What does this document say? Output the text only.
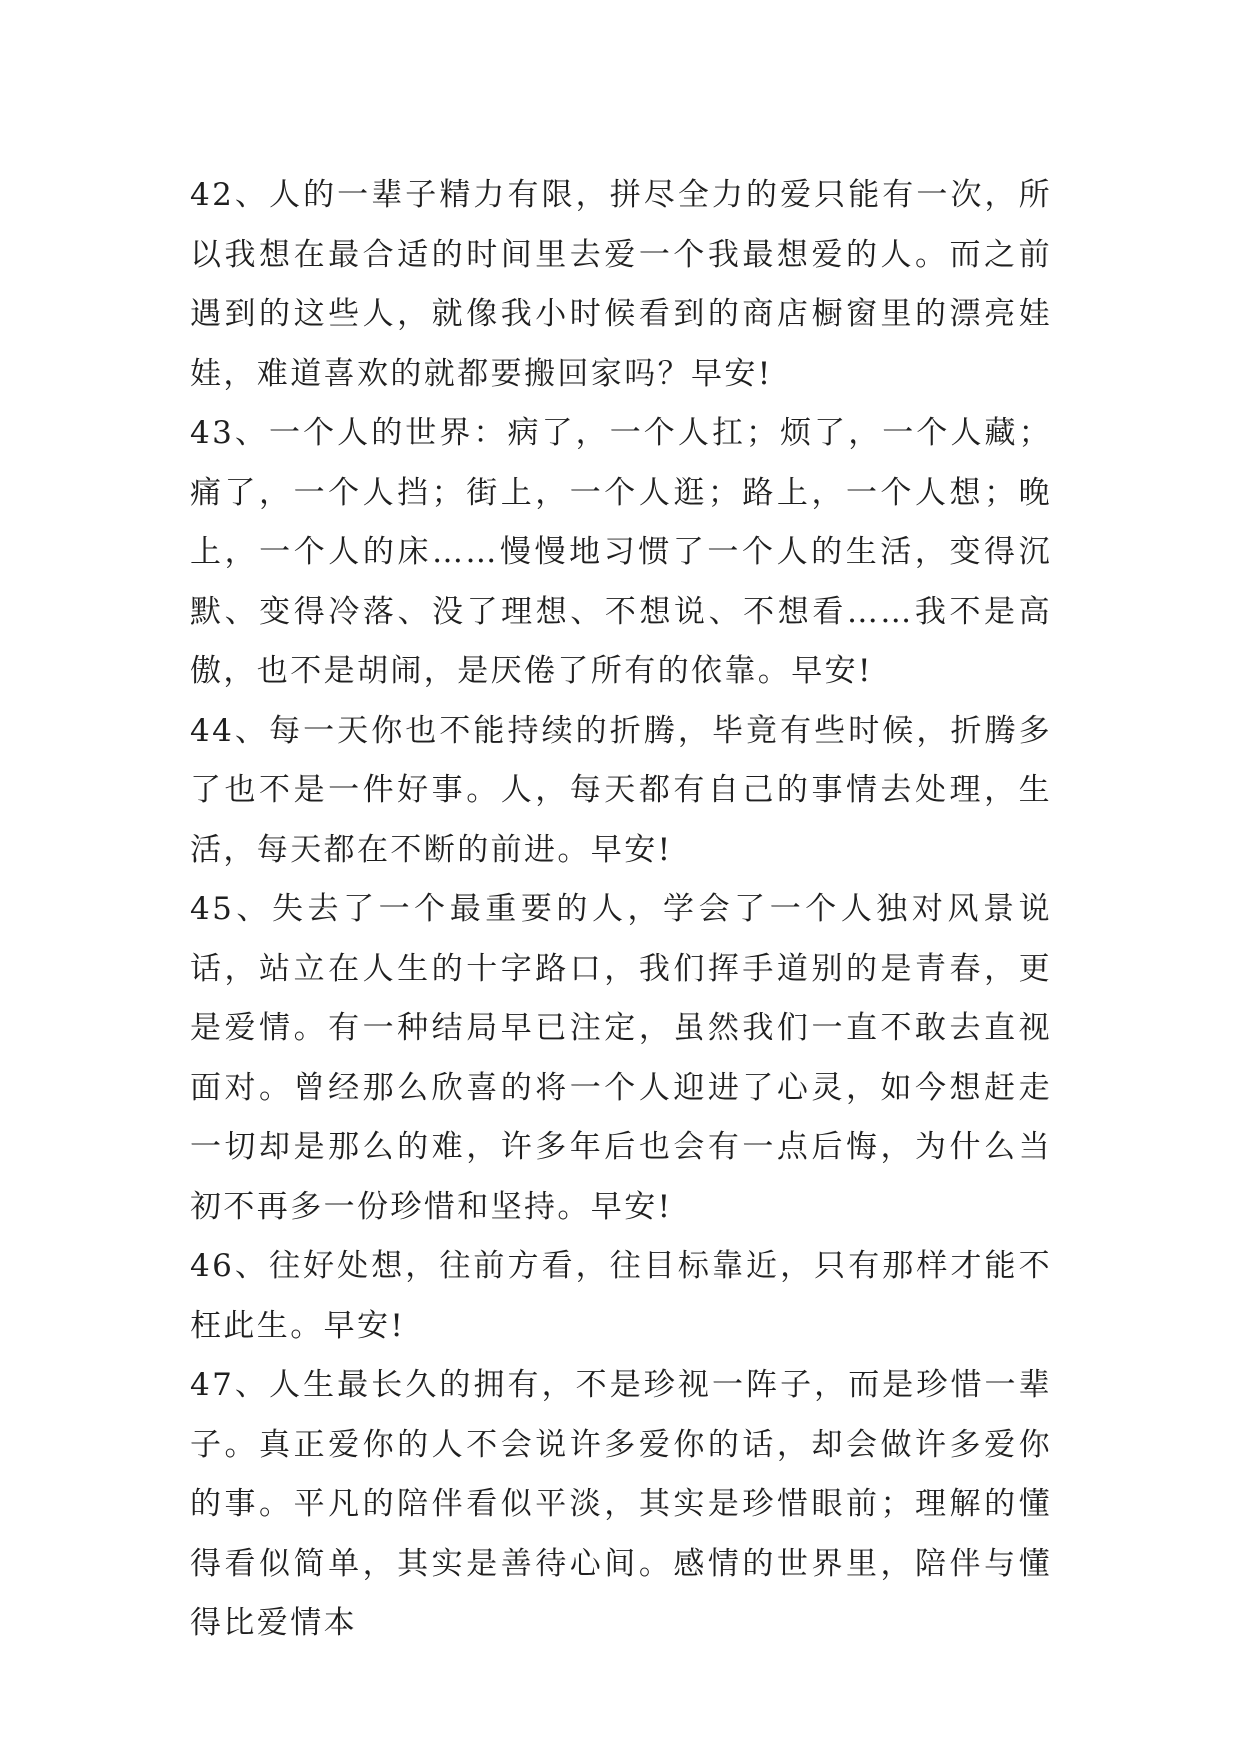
42、人的一辈子精力有限，拼尽全力的爱只能有一次，所以我想在最合适的时间里去爱一个我最想爱的人。而之前遇到的这些人，就像我小时候看到的商店橱窗里的漂亮娃娃，难道喜欢的就都要搬回家吗？早安!

43、一个人的世界：病了，一个人扛；烦了，一个人藏；痛了，一个人挡；街上，一个人逛；路上，一个人想；晚上，一个人的床……慢慢地习惯了一个人的生活，变得沉默、变得冷落、没了理想、不想说、不想看……我不是高傲，也不是胡闹，是厌倦了所有的依靠。早安!

44、每一天你也不能持续的折腾，毕竟有些时候，折腾多了也不是一件好事。人，每天都有自己的事情去处理，生活，每天都在不断的前进。早安!

45、失去了一个最重要的人，学会了一个人独对风景说话，站立在人生的十字路口，我们挥手道别的是青春，更是爱情。有一种结局早已注定，虽然我们一直不敢去直视面对。曾经那么欣喜的将一个人迎进了心灵，如今想赶走一切却是那么的难，许多年后也会有一点后悔，为什么当初不再多一份珍惜和坚持。早安!

46、往好处想，往前方看，往目标靠近，只有那样才能不枉此生。早安!

47、人生最长久的拥有，不是珍视一阵子，而是珍惜一辈子。真正爱你的人不会说许多爱你的话，却会做许多爱你的事。平凡的陪伴看似平淡，其实是珍惜眼前；理解的懂得看似简单，其实是善待心间。感情的世界里，陪伴与懂得比爱情本
